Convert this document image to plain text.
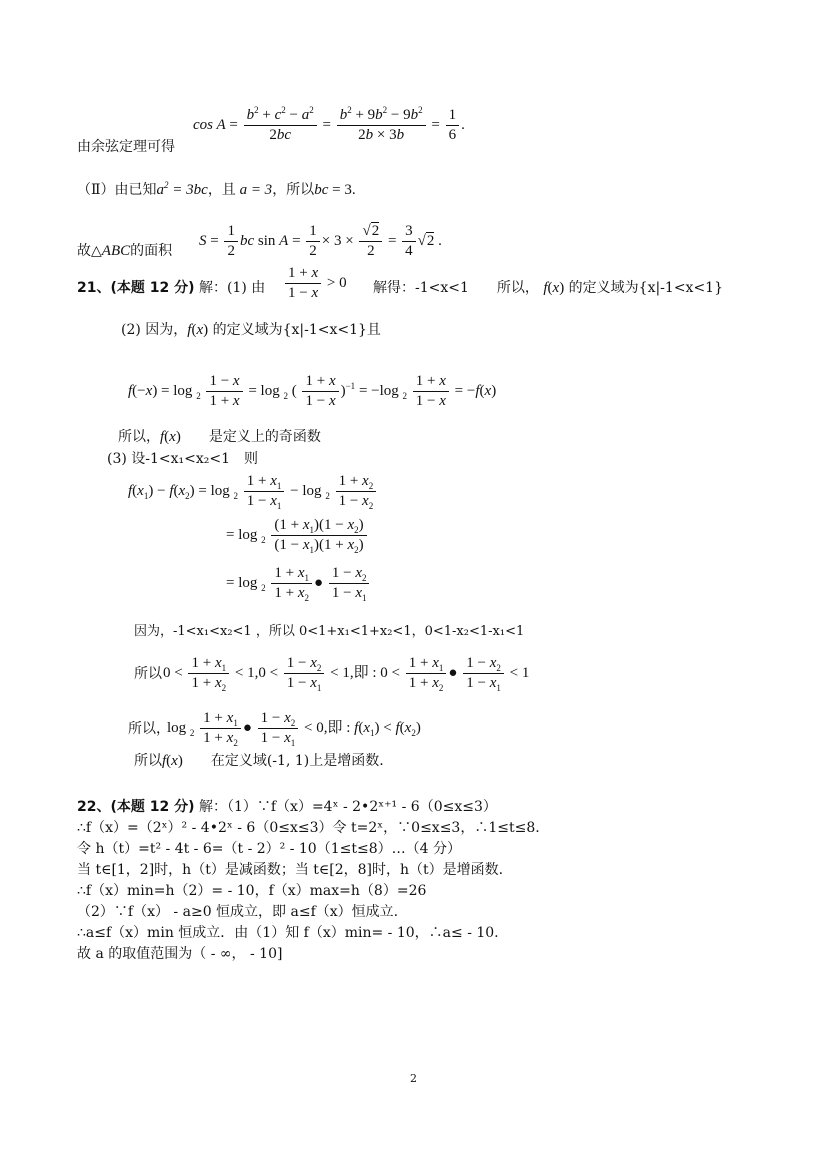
由余弦定理可得
$\cos A = \frac{b^2 + c^2 - a^2}{2bc} = \frac{b^2 + 9b^2 - 9b^2}{2b \times 3b} = \frac{1}{6}$ .
（Ⅱ）由已知$a^2 = 3bc$，且 a = 3，所以bc = 3.
故△ABC的面积
$S = \frac{1}{2}$ bc $\sin A = \frac{1}{2} \times 3 \times \frac{√2}{2} = \frac{3}{4} √2$ .
21、(本题 12 分) 解：(1) 由 $\frac{1 + x}{1 - x} > 0$ 解得：-1<x<1　　所以， f(x) 的定义域为{x|-1<x<1}
(2) 因为，f(x) 的定义域为{x|-1<x<1}且
$f(-x) = \log _2 \frac{1 - x}{1 + x} = \log _2$ ( $\frac{1 + x}{1 - x} )^{-1} = -\log$ $_2 \frac{1 + x}{1 - x} = -f(x)$
所以，f(x)　　 是定义上的奇函数
(3) 设-1<x₁<x₂<1　则
$f(x_1) - f(x_2) = \log _2 \frac{1 + x_1}{1 - x_1} - \log _2 \frac{1 + x_2}{1 - x_2}$
= $\log _2 \frac{(1 + x_1)(1 - x_2)}{(1 - x_1)(1 + x_2)}$
= $\log _2 \frac{1 + x_1}{1 + x_2}$ ● $\frac{1 - x_2}{1 - x_1}$
因为，-1<x₁<x₂<1 ，所以 0<1+x₁<1+x₂<1，0<1-x₂<1-x₁<1
所以 $0 < \frac{1 + x_1}{1 + x_2} < 1,0 < \frac{1 - x_2}{1 - x_1} < 1$,即 : $0 < \frac{1 + x_1}{1 + x_2}$ ● $\frac{1 - x_2}{1 - x_1} < 1$
所以，
$\log _2 \frac{1 + x_1}{1 + x_2}$ ● $\frac{1 - x_2}{1 - x_1} < 0$,即 : $f(x_1) < f(x_2)$
所以f(x)　　 在定义域(-1, 1)上是增函数.
22、(本题 12 分) 解：（1）∵f（x）=4ˣ - 2•2ˣ⁺¹ - 6（0≤x≤3）
∴f（x）=（2ˣ）² - 4•2ˣ - 6（0≤x≤3）令 t=2ˣ，∵0≤x≤3，∴1≤t≤8.
令 h（t）=t² - 4t - 6=（t - 2）² - 10（1≤t≤8）…（4 分）
当 t∈[1，2]时，h（t）是减函数；当 t∈[2，8]时，h（t）是增函数.
∴f（x）min=h（2）= - 10，f（x）max=h（8）=26
（2）∵f（x） - a≥0 恒成立，即 a≤f（x）恒成立.
∴a≤f（x）min 恒成立．由（1）知 f（x）min= - 10，∴a≤ - 10.
故 a 的取值范围为（ - ∞， - 10]
2
